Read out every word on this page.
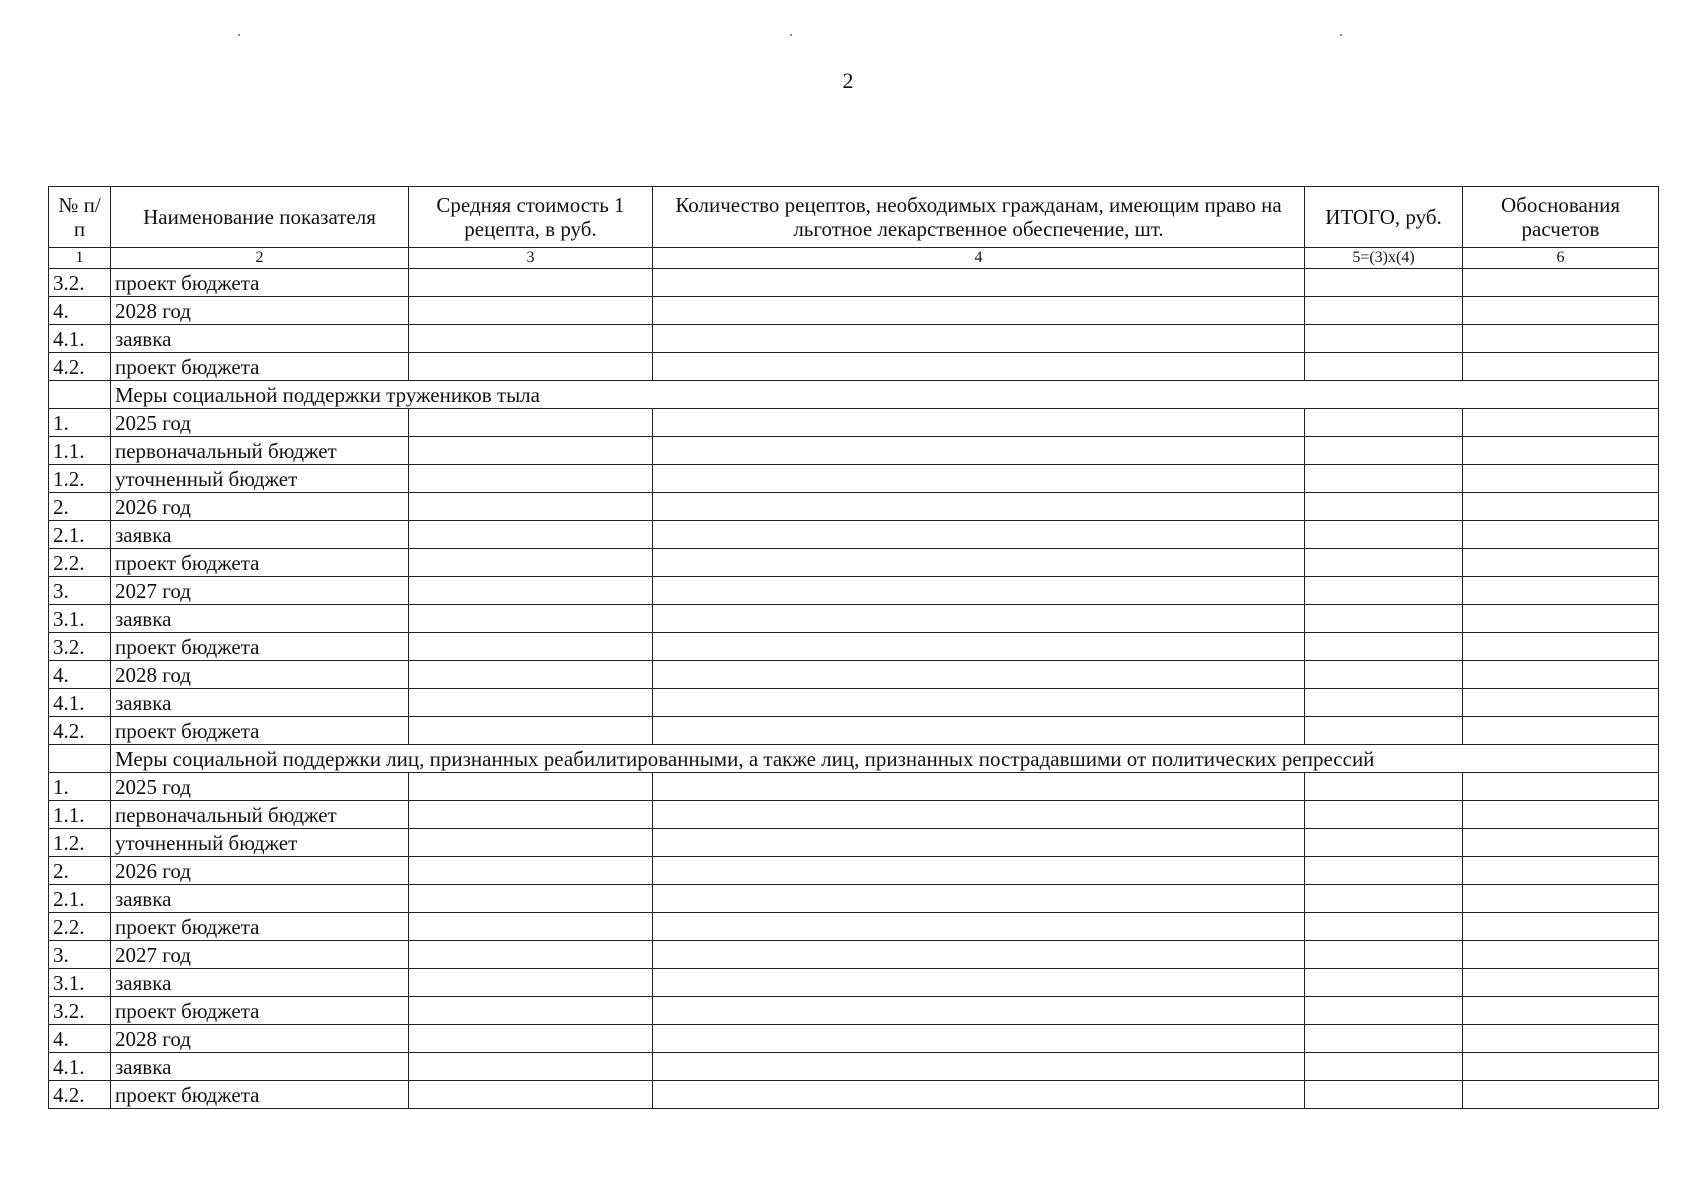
2
№ п/п	Наименование показателя	Средняя стоимость 1 рецепта, в руб.	Количество рецептов, необходимых гражданам, имеющим право на льготное лекарственное обеспечение, шт.	ИТОГО, руб.	Обоснования расчетов
1	2	3	4	5=(3)х(4)	6
3.2.	проект бюджета				
4.	2028 год				
4.1.	заявка				
4.2.	проект бюджета				
	Меры социальной поддержки тружеников тыла				
1.	2025 год				
1.1.	первоначальный бюджет				
1.2.	уточненный бюджет				
2.	2026 год				
2.1.	заявка				
2.2.	проект бюджета				
3.	2027 год				
3.1.	заявка				
3.2.	проект бюджета				
4.	2028 год				
4.1.	заявка				
4.2.	проект бюджета				
	Меры социальной поддержки лиц, признанных реабилитированными, а также лиц, признанных пострадавшими от политических репрессий				
1.	2025 год				
1.1.	первоначальный бюджет				
1.2.	уточненный бюджет				
2.	2026 год				
2.1.	заявка				
2.2.	проект бюджета				
3.	2027 год				
3.1.	заявка				
3.2.	проект бюджета				
4.	2028 год				
4.1.	заявка				
4.2.	проект бюджета				
